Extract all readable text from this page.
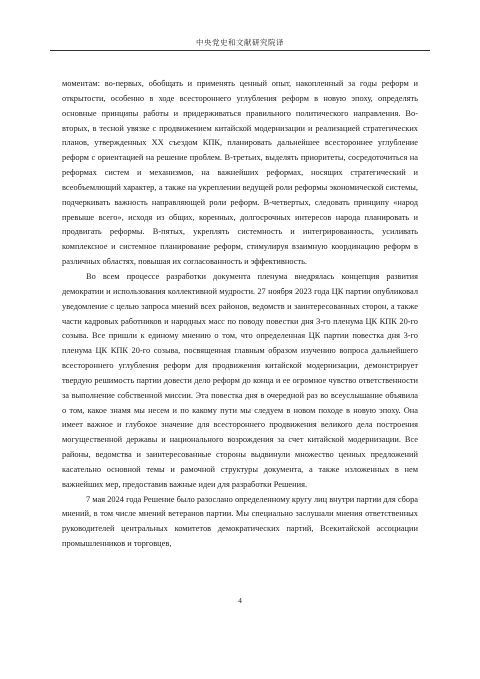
中央党史和文献研究院译

моментам: во-первых, обобщать и применять ценный опыт, накопленный за годы реформ и открытости, особенно в ходе всестороннего углубления реформ в новую эпоху, определять основные принципы работы и придерживаться правильного политического направления. Во-вторых, в тесной увязке с продвижением китайской модернизации и реализацией стратегических планов, утвержденных XX съездом КПК, планировать дальнейшее всестороннее углубление реформ с ориентацией на решение проблем. В-третьих, выделять приоритеты, сосредоточиться на реформах систем и механизмов, на важнейших реформах, носящих стратегический и всеобъемлющий характер, а также на укреплении ведущей роли реформы экономической системы, подчеркивать важность направляющей роли реформ. В-четвертых, следовать принципу «народ превыше всего», исходя из общих, коренных, долгосрочных интересов народа планировать и продвигать реформы. В-пятых, укреплять системность и интегрированность, усиливать комплексное и системное планирование реформ, стимулируя взаимную координацию реформ в различных областях, повышая их согласованность и эффективность.

Во всем процессе разработки документа пленума внедрялась концепция развития демократии и использования коллективной мудрости. 27 ноября 2023 года ЦК партии опубликовал уведомление с целью запроса мнений всех районов, ведомств и заинтересованных сторон, а также части кадровых работников и народных масс по поводу повестки дня 3-го пленума ЦК КПК 20-го созыва. Все пришли к единому мнению о том, что определенная ЦК партии повестка дня 3-го пленума ЦК КПК 20-го созыва, посвященная главным образом изучению вопроса дальнейшего всестороннего углубления реформ для продвижения китайской модернизации, демонстрирует твердую решимость партии довести дело реформ до конца и ее огромное чувство ответственности за выполнение собственной миссии. Эта повестка дня в очередной раз во всеуслышание объявила о том, какое знамя мы несем и по какому пути мы следуем в новом походе в новую эпоху. Она имеет важное и глубокое значение для всестороннего продвижения великого дела построения могущественной державы и национального возрождения за счет китайской модернизации. Все районы, ведомства и заинтересованные стороны выдвинули множество ценных предложений касательно основной темы и рамочной структуры документа, а также изложенных в нем важнейших мер, предоставив важные идеи для разработки Решения.

7 мая 2024 года Решение было разослано определенному кругу лиц внутри партии для сбора мнений, в том числе мнений ветеранов партии. Мы специально заслушали мнения ответственных руководителей центральных комитетов демократических партий, Всекитайской ассоциации промышленников и торговцев,

4
